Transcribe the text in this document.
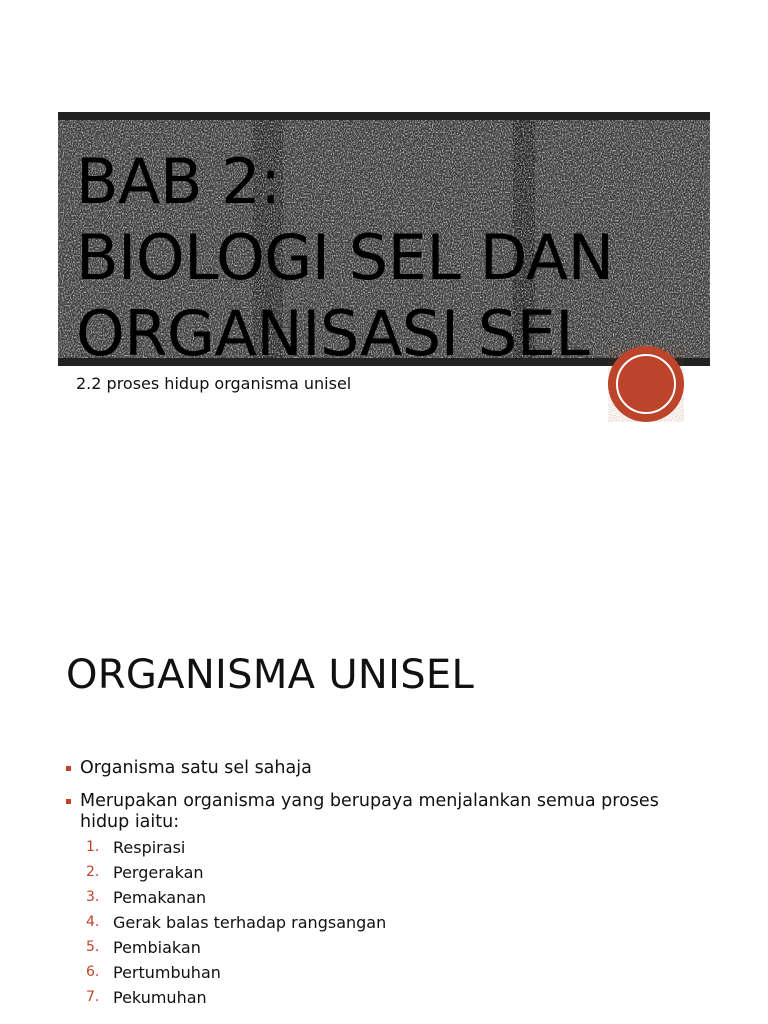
BAB 2:
BIOLOGI SEL DAN
ORGANISASI SEL
2.2 proses hidup organisma unisel
ORGANISMA UNISEL
Organisma satu sel sahaja
Merupakan organisma yang berupaya menjalankan semua proses hidup iaitu:
1. Respirasi
2. Pergerakan
3. Pemakanan
4. Gerak balas terhadap rangsangan
5. Pembiakan
6. Pertumbuhan
7. Pekumuhan
